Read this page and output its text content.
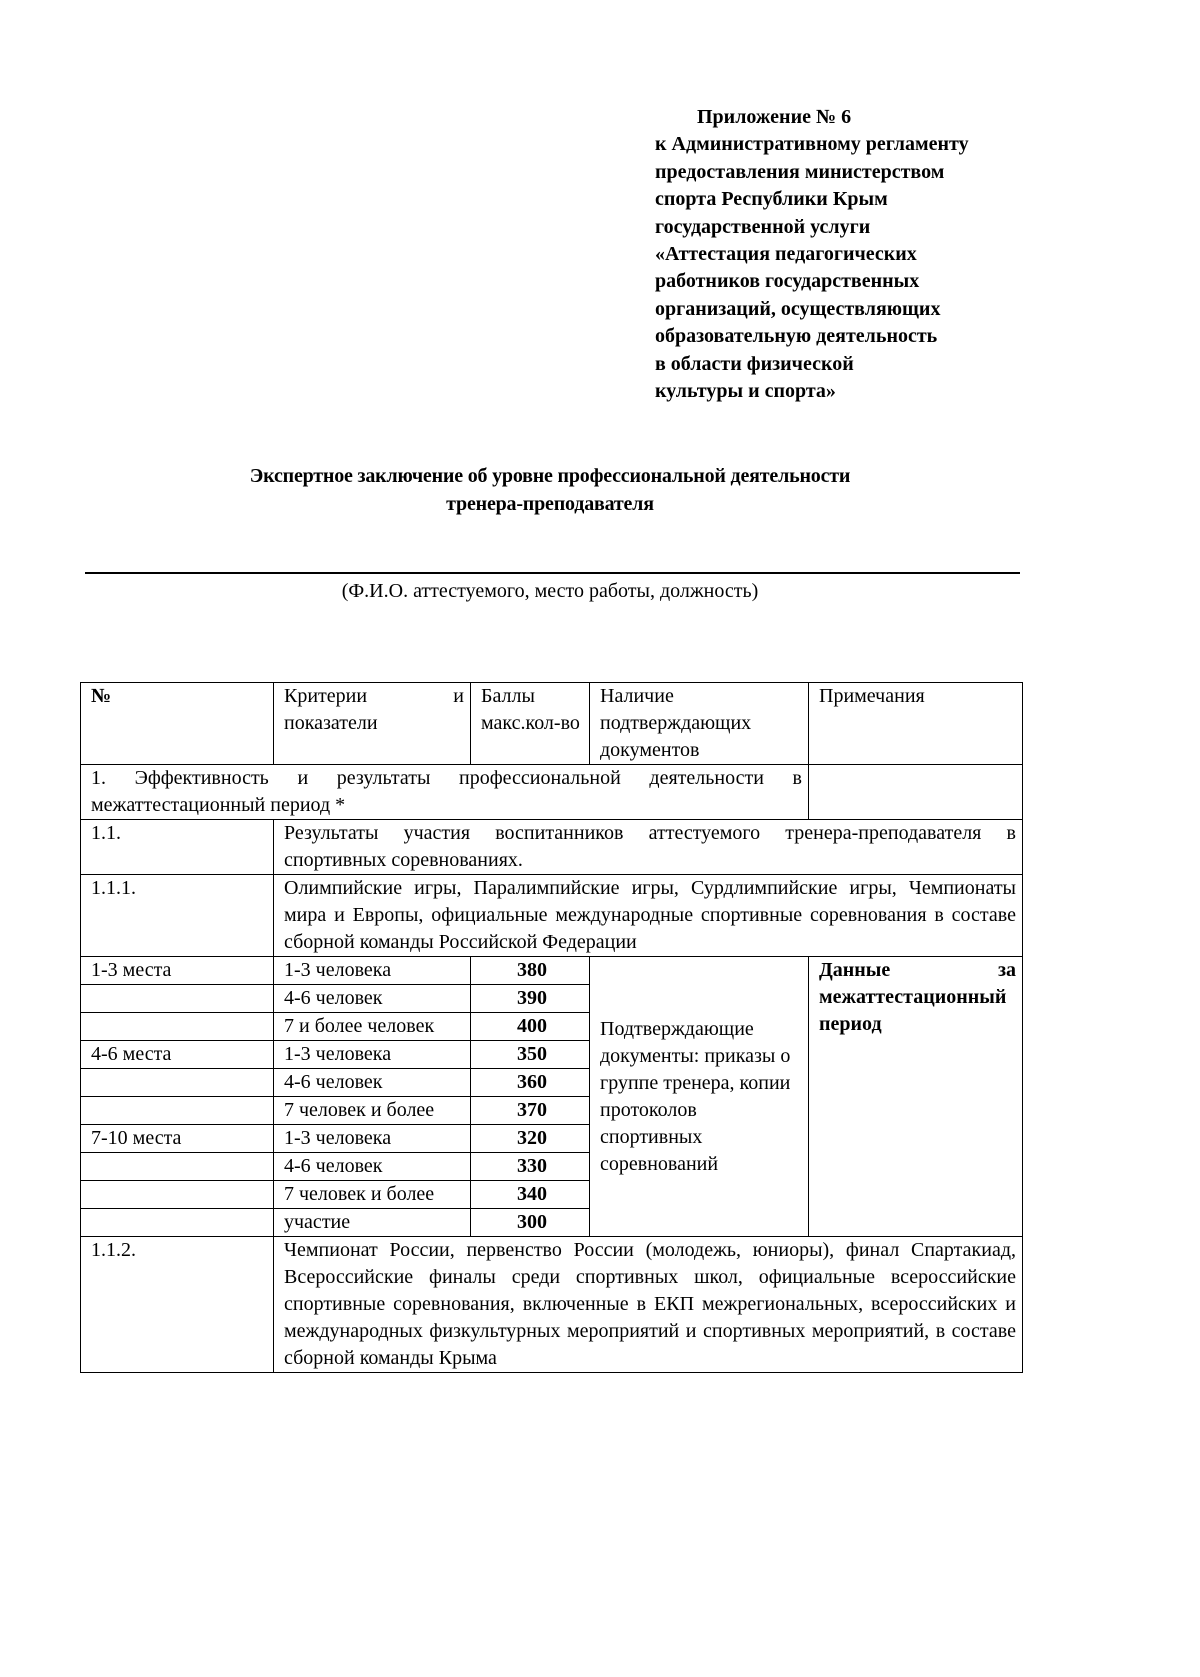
Приложение № 6
к Административному регламенту
предоставления министерством
спорта Республики Крым
государственной услуги
«Аттестация педагогических
работников государственных
организаций, осуществляющих
образовательную деятельность
в области физической
культуры и спорта»
Экспертное заключение об уровне профессиональной деятельности
тренера-преподавателя
(Ф.И.О. аттестуемого, место работы, должность)
№	Критерии и показатели	Баллы макс.кол-во	Наличие подтверждающих документов	Примечания
1. Эффективность и результаты профессиональной деятельности в межаттестационный период *				
1.1.	Результаты участия воспитанников аттестуемого тренера-преподавателя в спортивных соревнованиях.			
1.1.1.	Олимпийские игры, Паралимпийские игры, Сурдлимпийские игры, Чемпионаты мира и Европы, официальные международные спортивные соревнования в составе сборной команды Российской Федерации			
1-3 места	1-3 человека	380	Подтверждающие документы: приказы о группе тренера, копии протоколов спортивных соревнований	Данные за межаттестационный период
	4-6 человек	390		
	7 и более человек	400		
4-6 места	1-3 человека	350		
	4-6 человек	360		
	7 человек и более	370		
7-10 места	1-3 человека	320		
	4-6 человек	330		
	7 человек и более	340		
	участие	300		
1.1.2.	Чемпионат России, первенство России (молодежь, юниоры), финал Спартакиад, Всероссийские финалы среди спортивных школ, официальные всероссийские спортивные соревнования, включенные в ЕКП межрегиональных, всероссийских и международных физкультурных мероприятий и спортивных мероприятий, в составе сборной команды Крыма			
